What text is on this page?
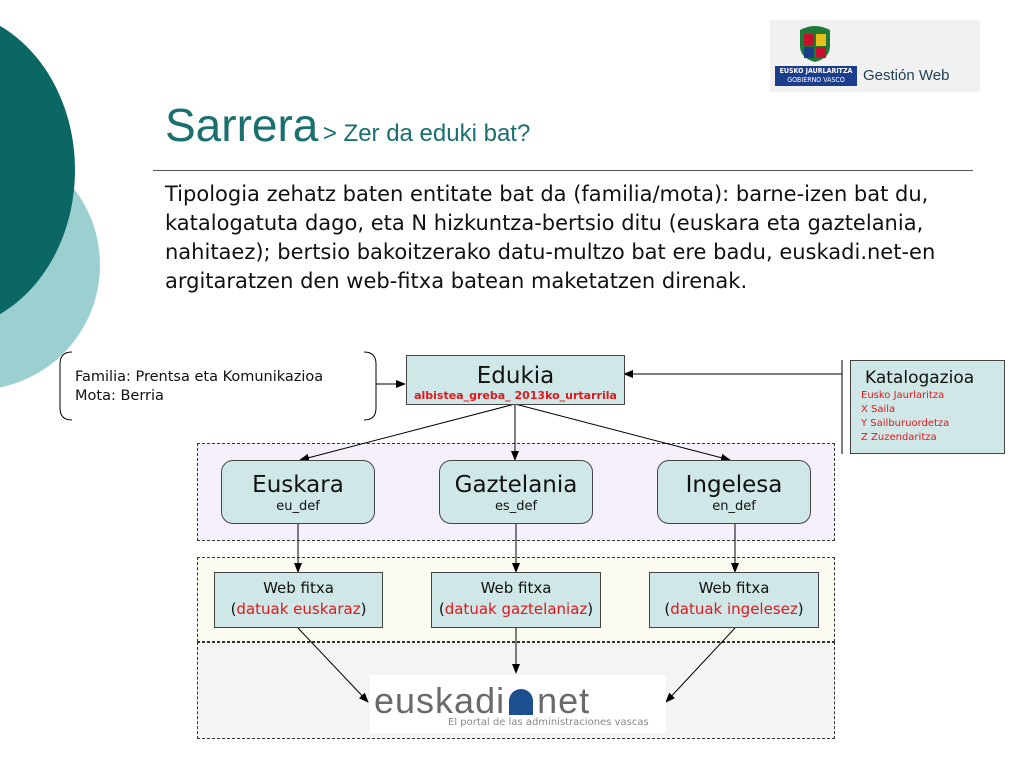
EUSKO JAURLARITZA
GOBIERNO VASCO	Gestión Web
Sarrera > Zer da eduki bat?
Tipologia zehatz baten entitate bat da (familia/mota): barne-izen bat du, katalogatuta dago, eta N hizkuntza-bertsio ditu (euskara eta gaztelania, nahitaez); bertsio bakoitzerako datu-multzo bat ere badu, euskadi.net-en argitaratzen den web-fitxa batean maketatzen direnak.
Familia: Prentsa eta Komunikazioa
Mota: Berria
Edukia
albistea_greba_ 2013ko_urtarrila
Katalogazioa
Eusko Jaurlaritza
X Saila
Y Sailburuordetza
Z Zuzendaritza
Euskara
eu_def
Gaztelania
es_def
Ingelesa
en_def
Web fitxa
(datuak euskaraz)
Web fitxa
(datuak gaztelaniaz)
Web fitxa
(datuak ingelesez)
euskadi net
El portal de las administraciones vascas
